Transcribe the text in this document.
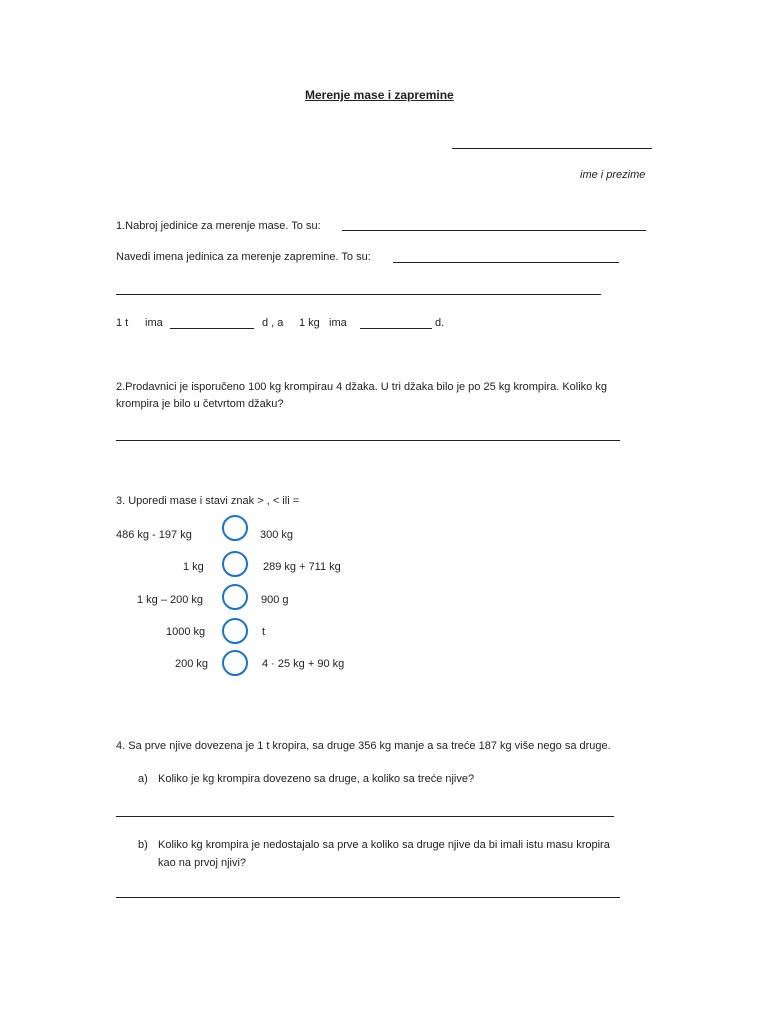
Merenje mase i zapremine
ime i prezime
1.Nabroj jedinice za merenje mase. To su:
Navedi imena jedinica za merenje zapremine. To su:
1 t ima	d , a 1 kg ima	d.
2.Prodavnici je isporučeno 100 kg krompirau 4 džaka. U tri džaka bilo je po 25 kg krompira. Koliko kg
krompira je bilo u četvrtom džaku?
3. Uporedi mase i stavi znak > , < ili =
486 kg - 197 kg	300 kg
1 kg	289 kg + 711 kg
1 kg – 200 kg	900 g
1000 kg	t
200 kg	4 · 25 kg + 90 kg
4. Sa prve njive dovezena je 1 t kropira, sa druge 356 kg manje a sa treće 187 kg više nego sa druge.
a) Koliko je kg krompira dovezeno sa druge, a koliko sa treće njive?
b) Koliko kg krompira je nedostajalo sa prve a koliko sa druge njive da bi imali istu masu kropira
kao na prvoj njivi?
